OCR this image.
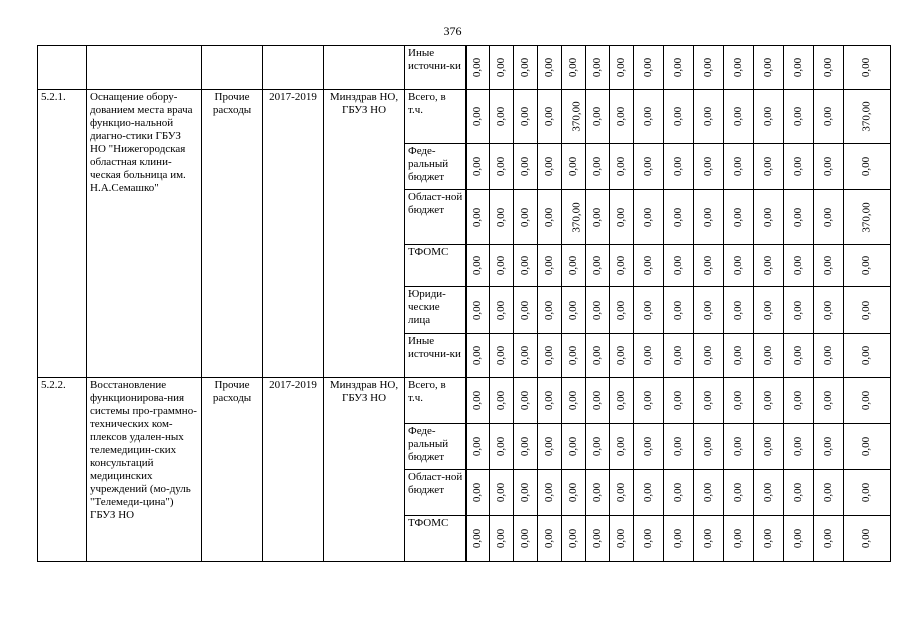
376
					Иные источни-ки	0,00	0,00	0,00	0,00	0,00	0,00	0,00	0,00	0,00	0,00	0,00	0,00	0,00	0,00	0,00
5.2.1.	Оснащение обору-дованием места врача функцио-нальной диагно-стики ГБУЗ НО "Нижегородская областная клини-ческая больница им. Н.А.Семашко"	Прочие расходы	2017-2019	Минздрав НО, ГБУЗ НО	Всего, в т.ч.	0,00	0,00	0,00	0,00	370,00	0,00	0,00	0,00	0,00	0,00	0,00	0,00	0,00	0,00	370,00
					Феде-ральный бюджет	0,00	0,00	0,00	0,00	0,00	0,00	0,00	0,00	0,00	0,00	0,00	0,00	0,00	0,00	0,00
					Област-ной бюджет	0,00	0,00	0,00	0,00	370,00	0,00	0,00	0,00	0,00	0,00	0,00	0,00	0,00	0,00	370,00
					ТФОМС	0,00	0,00	0,00	0,00	0,00	0,00	0,00	0,00	0,00	0,00	0,00	0,00	0,00	0,00	0,00
					Юриди-ческие лица	0,00	0,00	0,00	0,00	0,00	0,00	0,00	0,00	0,00	0,00	0,00	0,00	0,00	0,00	0,00
					Иные источни-ки	0,00	0,00	0,00	0,00	0,00	0,00	0,00	0,00	0,00	0,00	0,00	0,00	0,00	0,00	0,00
5.2.2.	Восстановление функционирова-ния системы про-граммно-технических ком-плексов удален-ных телемедицин-ских консультаций медицинских учреждений (мо-дуль "Телемеди-цина") ГБУЗ НО	Прочие расходы	2017-2019	Минздрав НО, ГБУЗ НО	Всего, в т.ч.	0,00	0,00	0,00	0,00	0,00	0,00	0,00	0,00	0,00	0,00	0,00	0,00	0,00	0,00	0,00
					Феде-ральный бюджет	0,00	0,00	0,00	0,00	0,00	0,00	0,00	0,00	0,00	0,00	0,00	0,00	0,00	0,00	0,00
					Област-ной бюджет	0,00	0,00	0,00	0,00	0,00	0,00	0,00	0,00	0,00	0,00	0,00	0,00	0,00	0,00	0,00
					ТФОМС	0,00	0,00	0,00	0,00	0,00	0,00	0,00	0,00	0,00	0,00	0,00	0,00	0,00	0,00	0,00
